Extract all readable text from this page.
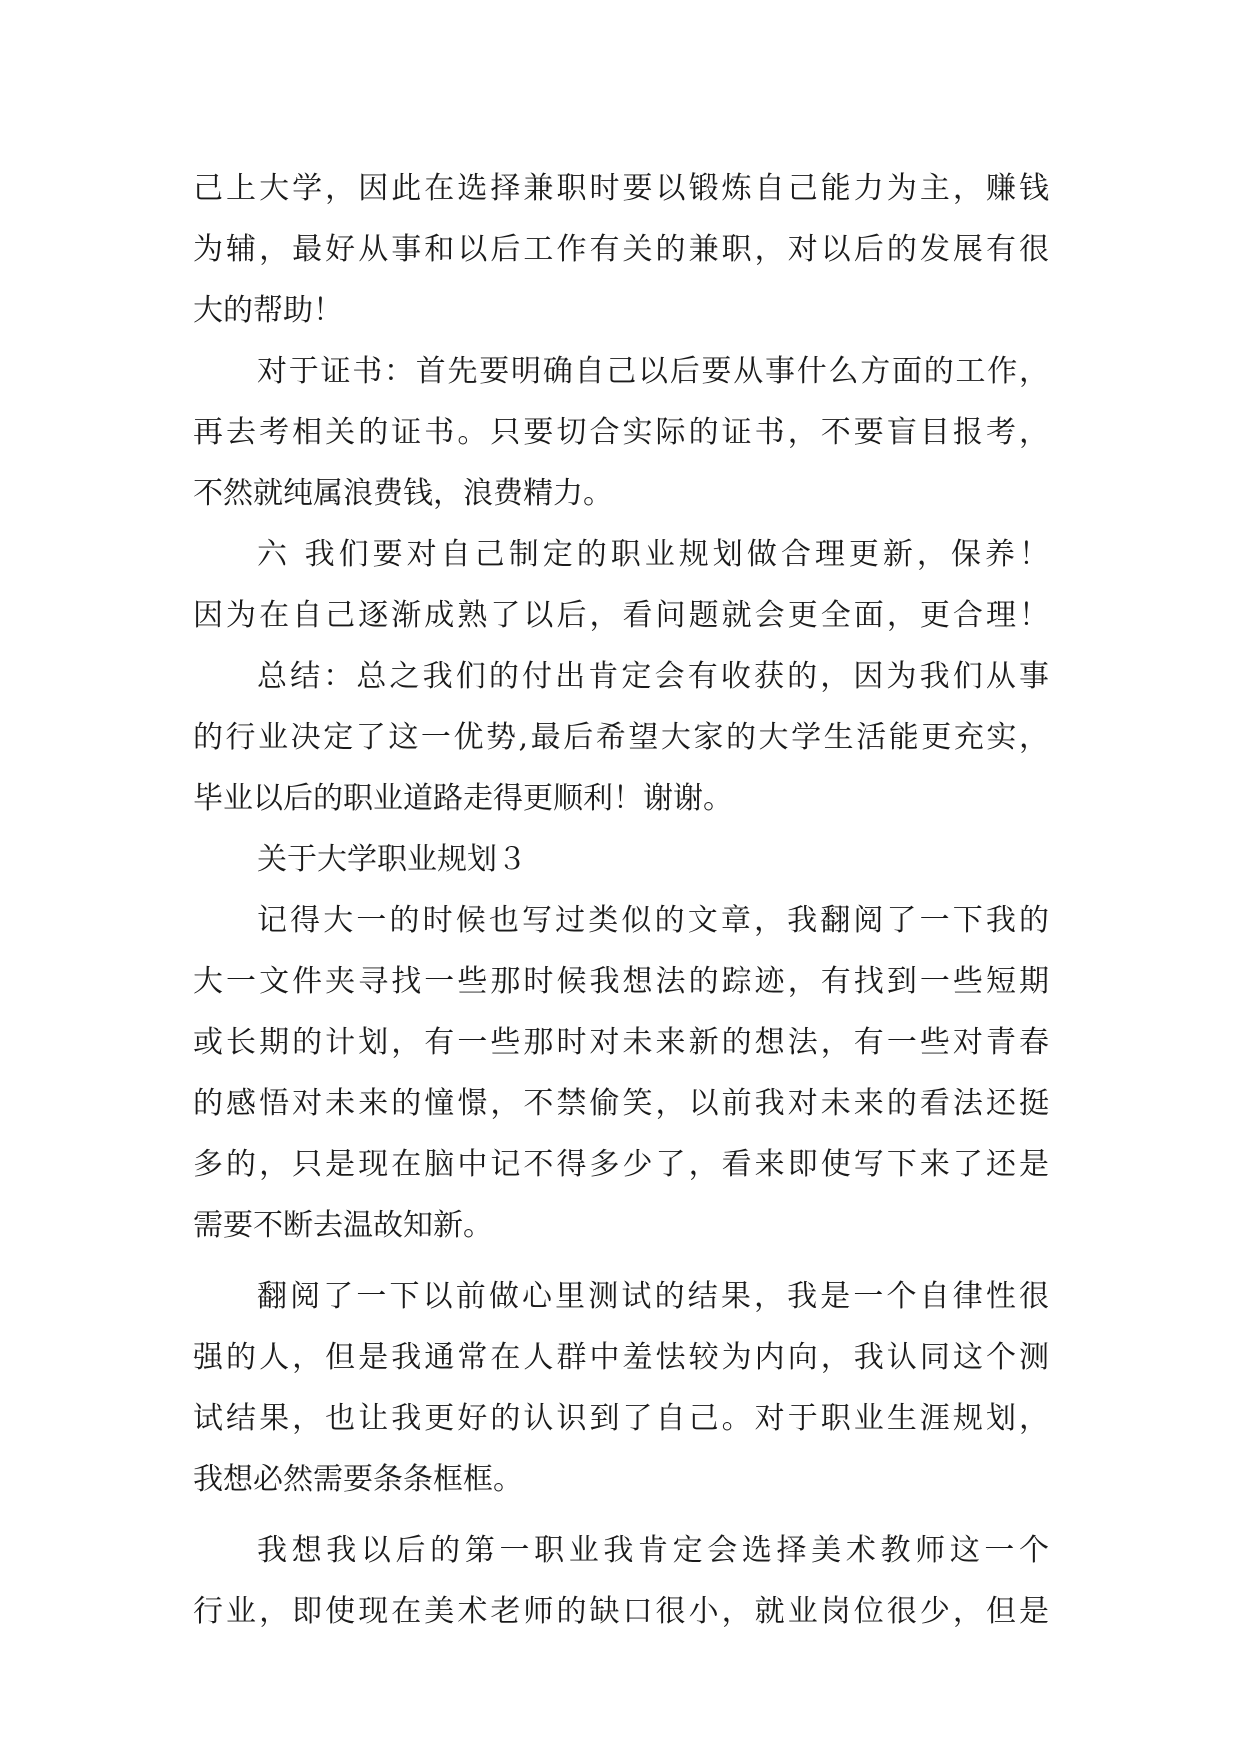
己上大学，因此在选择兼职时要以锻炼自己能力为主，赚钱
为辅，最好从事和以后工作有关的兼职，对以后的发展有很
大的帮助！
对于证书：首先要明确自己以后要从事什么方面的工作，
再去考相关的证书。只要切合实际的证书，不要盲目报考，
不然就纯属浪费钱，浪费精力。
六 我们要对自己制定的职业规划做合理更新，保养！
因为在自己逐渐成熟了以后，看问题就会更全面，更合理！
总结：总之我们的付出肯定会有收获的，因为我们从事
的行业决定了这一优势,最后希望大家的大学生活能更充实，
毕业以后的职业道路走得更顺利！谢谢。
关于大学职业规划３
记得大一的时候也写过类似的文章，我翻阅了一下我的
大一文件夹寻找一些那时候我想法的踪迹，有找到一些短期
或长期的计划，有一些那时对未来新的想法，有一些对青春
的感悟对未来的憧憬，不禁偷笑，以前我对未来的看法还挺
多的，只是现在脑中记不得多少了，看来即使写下来了还是
需要不断去温故知新。
翻阅了一下以前做心里测试的结果，我是一个自律性很
强的人，但是我通常在人群中羞怯较为内向，我认同这个测
试结果，也让我更好的认识到了自己。对于职业生涯规划，
我想必然需要条条框框。
我想我以后的第一职业我肯定会选择美术教师这一个
行业，即使现在美术老师的缺口很小，就业岗位很少，但是
